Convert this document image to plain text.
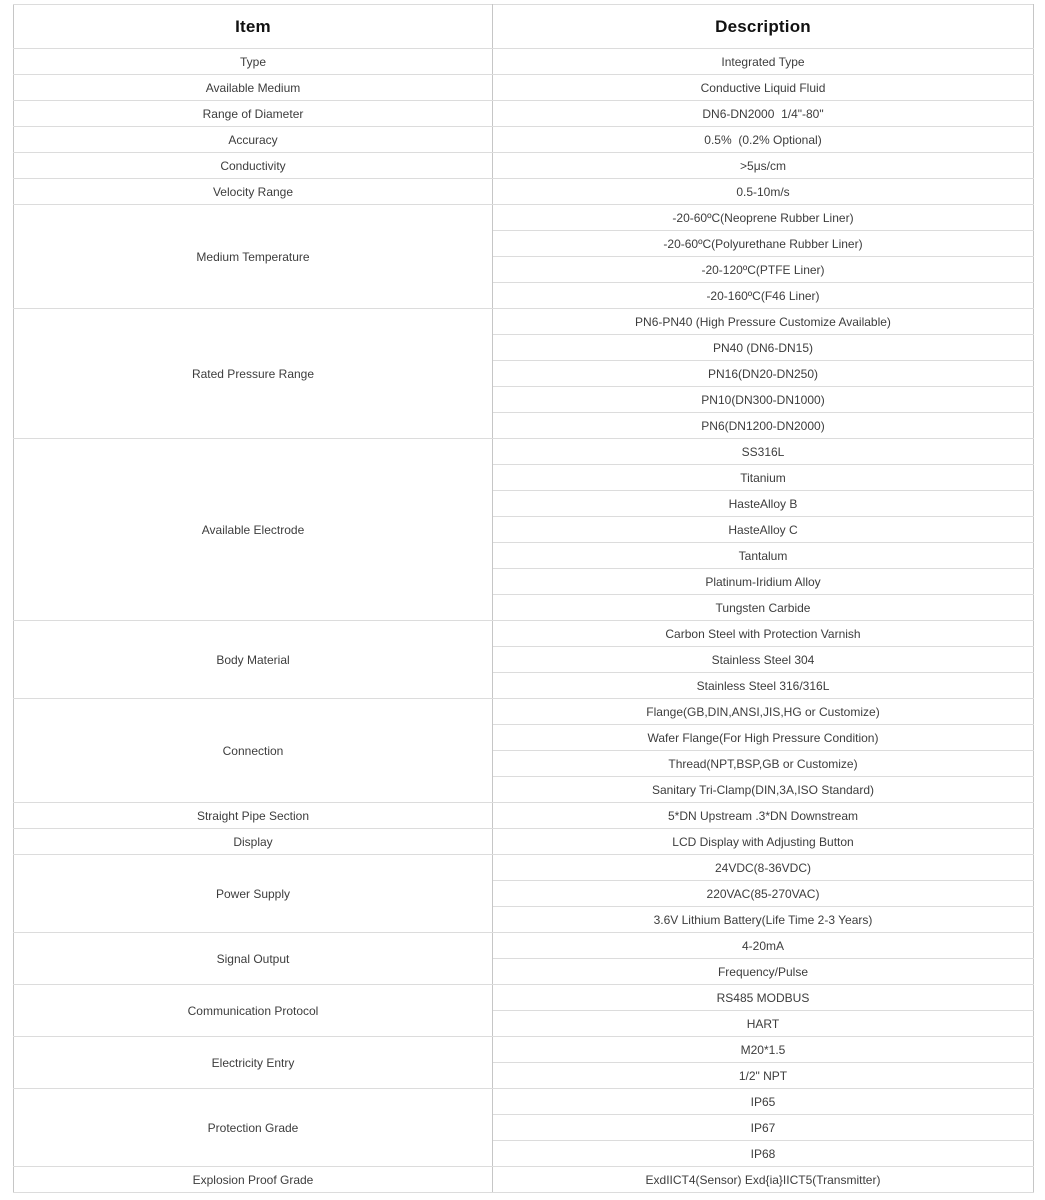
Item	Description
Type	Integrated Type
Available Medium	Conductive Liquid Fluid
Range of Diameter	DN6-DN2000  1/4"-80"
Accuracy	0.5%  (0.2% Optional)
Conductivity	>5μs/cm
Velocity Range	0.5-10m/s
Medium Temperature	-20-60ºC(Neoprene Rubber Liner)
	-20-60ºC(Polyurethane Rubber Liner)
	-20-120ºC(PTFE Liner)
	-20-160ºC(F46 Liner)
Rated Pressure Range	PN6-PN40 (High Pressure Customize Available)
	PN40 (DN6-DN15)
	PN16(DN20-DN250)
	PN10(DN300-DN1000)
	PN6(DN1200-DN2000)
Available Electrode	SS316L
	Titanium
	HasteAlloy B
	HasteAlloy C
	Tantalum
	Platinum-Iridium Alloy
	Tungsten Carbide
Body Material	Carbon Steel with Protection Varnish
	Stainless Steel 304
	Stainless Steel 316/316L
Connection	Flange(GB,DIN,ANSI,JIS,HG or Customize)
	Wafer Flange(For High Pressure Condition)
	Thread(NPT,BSP,GB or Customize)
	Sanitary Tri-Clamp(DIN,3A,ISO Standard)
Straight Pipe Section	5*DN Upstream .3*DN Downstream
Display	LCD Display with Adjusting Button
Power Supply	24VDC(8-36VDC)
	220VAC(85-270VAC)
	3.6V Lithium Battery(Life Time 2-3 Years)
Signal Output	4-20mA
	Frequency/Pulse
Communication Protocol	RS485 MODBUS
	HART
Electricity Entry	M20*1.5
	1/2" NPT
Protection Grade	IP65
	IP67
	IP68
Explosion Proof Grade	ExdIICT4(Sensor) Exd{ia}IICT5(Transmitter)
